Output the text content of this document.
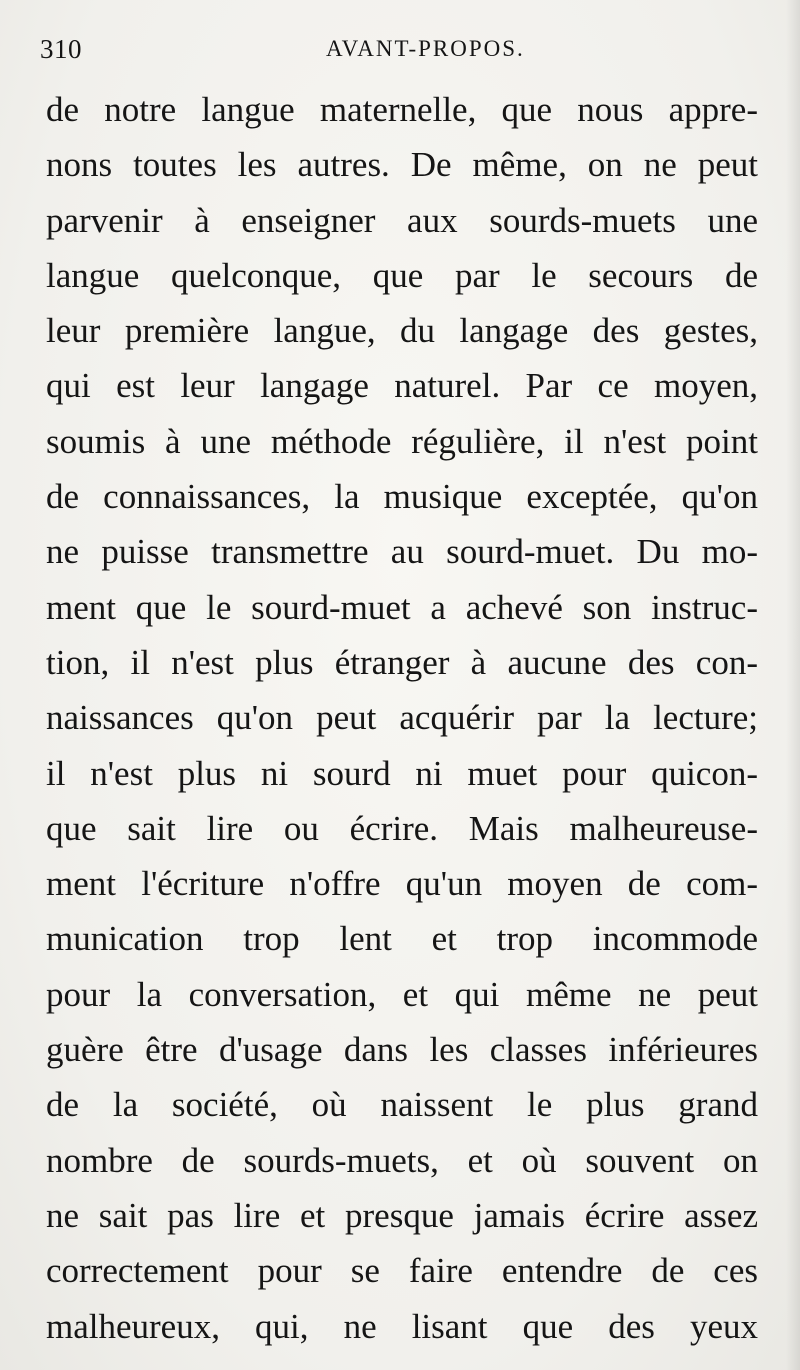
310	AVANT-PROPOS.
de notre langue maternelle, que nous appre-
nons toutes les autres. De même, on ne peut
parvenir à enseigner aux sourds-muets une
langue quelconque, que par le secours de
leur première langue, du langage des gestes,
qui est leur langage naturel. Par ce moyen,
soumis à une méthode régulière, il n'est point
de connaissances, la musique exceptée, qu'on
ne puisse transmettre au sourd-muet. Du mo-
ment que le sourd-muet a achevé son instruc-
tion, il n'est plus étranger à aucune des con-
naissances qu'on peut acquérir par la lecture;
il n'est plus ni sourd ni muet pour quicon-
que sait lire ou écrire. Mais malheureuse-
ment l'écriture n'offre qu'un moyen de com-
munication trop lent et trop incommode
pour la conversation, et qui même ne peut
guère être d'usage dans les classes inférieures
de la société, où naissent le plus grand
nombre de sourds-muets, et où souvent on
ne sait pas lire et presque jamais écrire assez
correctement pour se faire entendre de ces
malheureux, qui, ne lisant que des yeux
